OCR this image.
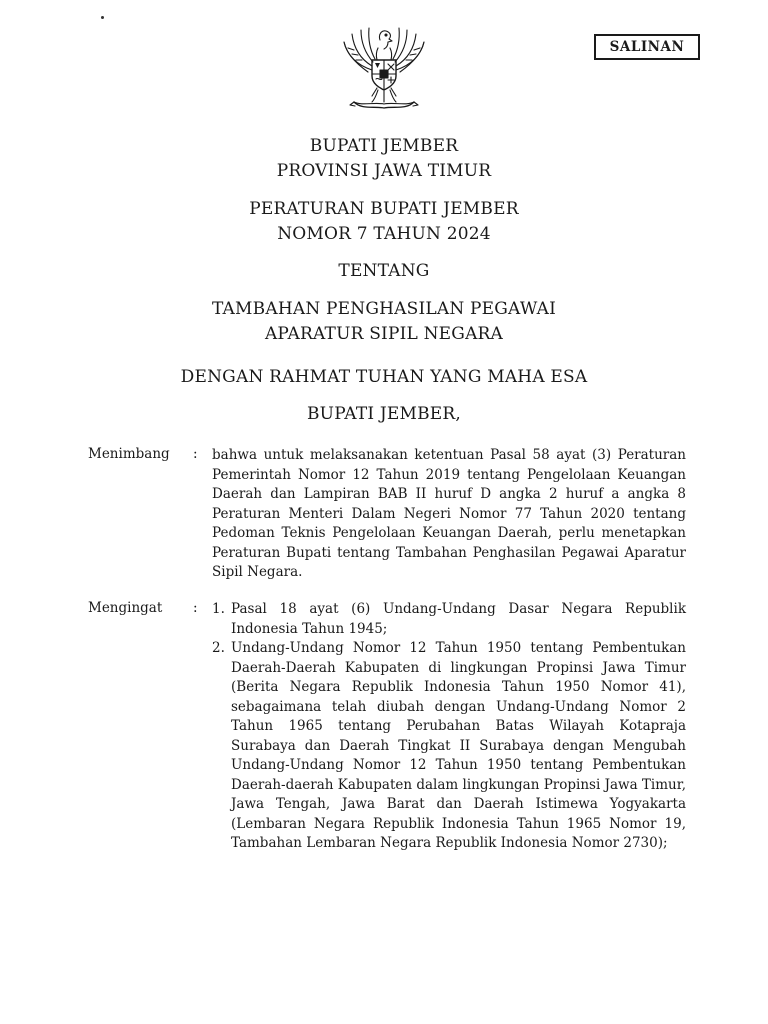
SALINAN
BUPATI JEMBER
PROVINSI JAWA TIMUR
PERATURAN BUPATI JEMBER
NOMOR 7 TAHUN 2024
TENTANG
TAMBAHAN PENGHASILAN PEGAWAI
APARATUR SIPIL NEGARA
DENGAN RAHMAT TUHAN YANG MAHA ESA
BUPATI JEMBER,
Menimbang : bahwa untuk melaksanakan ketentuan Pasal 58 ayat (3) Peraturan Pemerintah Nomor 12 Tahun 2019 tentang Pengelolaan Keuangan Daerah dan Lampiran BAB II huruf D angka 2 huruf a angka 8 Peraturan Menteri Dalam Negeri Nomor 77 Tahun 2020 tentang Pedoman Teknis Pengelolaan Keuangan Daerah, perlu menetapkan Peraturan Bupati tentang Tambahan Penghasilan Pegawai Aparatur Sipil Negara.
Mengingat : 1. Pasal 18 ayat (6) Undang-Undang Dasar Negara Republik Indonesia Tahun 1945;
2. Undang-Undang Nomor 12 Tahun 1950 tentang Pembentukan Daerah-Daerah Kabupaten di lingkungan Propinsi Jawa Timur (Berita Negara Republik Indonesia Tahun 1950 Nomor 41), sebagaimana telah diubah dengan Undang-Undang Nomor 2 Tahun 1965 tentang Perubahan Batas Wilayah Kotapraja Surabaya dan Daerah Tingkat II Surabaya dengan Mengubah Undang-Undang Nomor 12 Tahun 1950 tentang Pembentukan Daerah-daerah Kabupaten dalam lingkungan Propinsi Jawa Timur, Jawa Tengah, Jawa Barat dan Daerah Istimewa Yogyakarta (Lembaran Negara Republik Indonesia Tahun 1965 Nomor 19, Tambahan Lembaran Negara Republik Indonesia Nomor 2730);
